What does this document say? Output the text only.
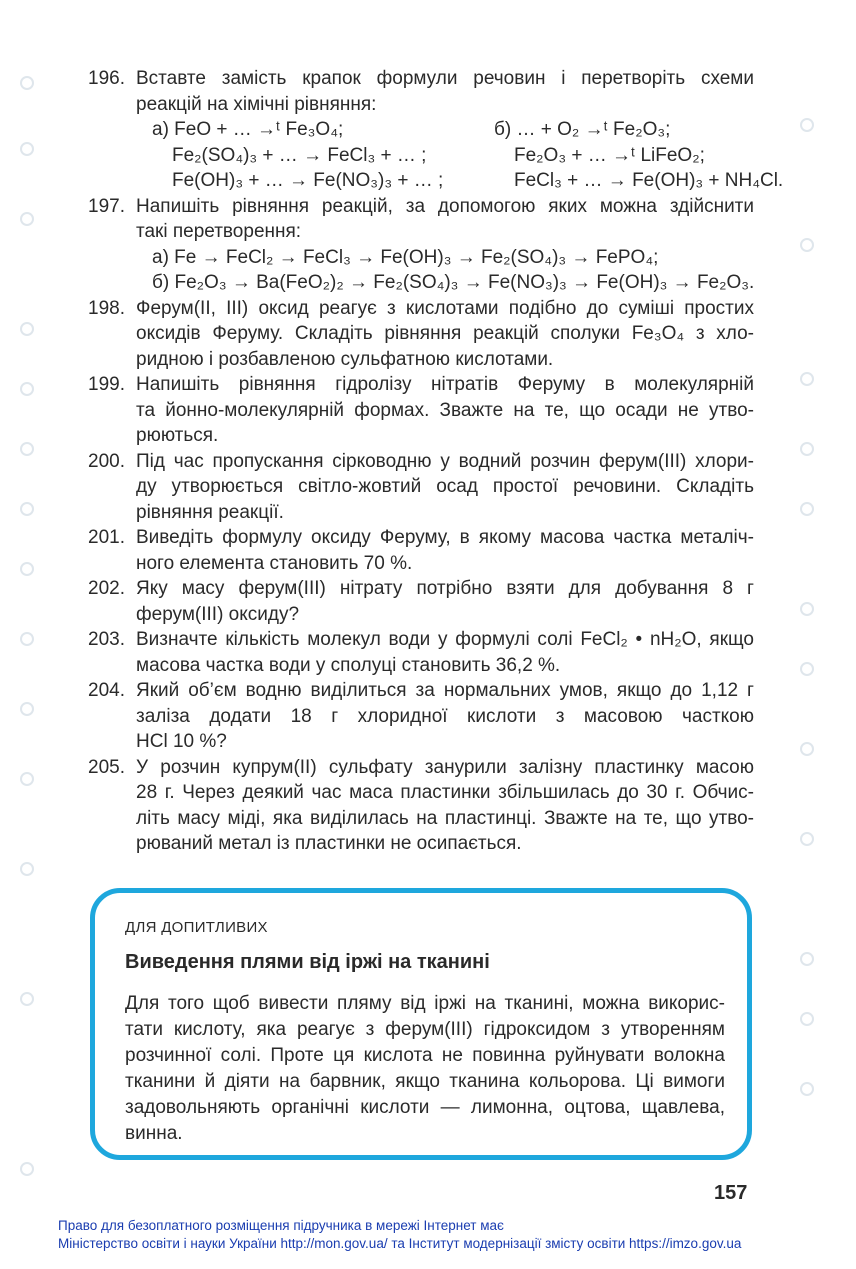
196. Вставте замість крапок формули речовин і перетворіть схеми
реакцій на хімічні рівняння:
а) FeO + … →ᵗ Fe₃O₄;	б) … + O₂ →ᵗ Fe₂O₃;
Fe₂(SO₄)₃ + … → FeCl₃ + … ;	Fe₂O₃ + … →ᵗ LiFeO₂;
Fe(OH)₃ + … → Fe(NO₃)₃ + … ;	FeCl₃ + … → Fe(OH)₃ + NH₄Cl.
197. Напишіть рівняння реакцій, за допомогою яких можна здійснити
такі перетворення:
а) Fe → FeCl₂ → FeCl₃ → Fe(OH)₃ → Fe₂(SO₄)₃ → FePO₄;
б) Fe₂O₃ → Ba(FeO₂)₂ → Fe₂(SO₄)₃ → Fe(NO₃)₃ → Fe(OH)₃ → Fe₂O₃.
198. Ферум(ІІ, ІІІ) оксид реагує з кислотами подібно до суміші простих
оксидів Феруму. Складіть рівняння реакцій сполуки Fe₃O₄ з хло-
ридною і розбавленою сульфатною кислотами.
199. Напишіть рівняння гідролізу нітратів Феруму в молекулярній
та йонно-молекулярній формах. Зважте на те, що осади не утво-
рюються.
200. Під час пропускання сірководню у водний розчин ферум(ІІІ) хлори-
ду утворюється світло-жовтий осад простої речовини. Складіть
рівняння реакції.
201. Виведіть формулу оксиду Феруму, в якому масова частка металіч-
ного елемента становить 70 %.
202. Яку масу ферум(ІІІ) нітрату потрібно взяти для добування 8 г
ферум(ІІІ) оксиду?
203. Визначте кількість молекул води у формулі солі FeCl₂ • nH₂O, якщо
масова частка води у сполуці становить 36,2 %.
204. Який об’єм водню виділиться за нормальних умов, якщо до 1,12 г
заліза додати 18 г хлоридної кислоти з масовою часткою
HCl 10 %?
205. У розчин купрум(ІІ) сульфату занурили залізну пластинку масою
28 г. Через деякий час маса пластинки збільшилась до 30 г. Обчис-
літь масу міді, яка виділилась на пластинці. Зважте на те, що утво-
рюваний метал із пластинки не осипається.
ДЛЯ ДОПИТЛИВИХ
Виведення плями від іржі на тканині
Для того щоб вивести пляму від іржі на тканині, можна викорис-
тати кислоту, яка реагує з ферум(ІІІ) гідроксидом з утворенням
розчинної солі. Проте ця кислота не повинна руйнувати волокна
тканини й діяти на барвник, якщо тканина кольорова. Ці вимоги
задовольняють органічні кислоти — лимонна, оцтова, щавлева,
винна.
157
Право для безоплатного розміщення підручника в мережі Інтернет має
Міністерство освіти і науки України http://mon.gov.ua/ та Інститут модернізації змісту освіти https://imzo.gov.ua
